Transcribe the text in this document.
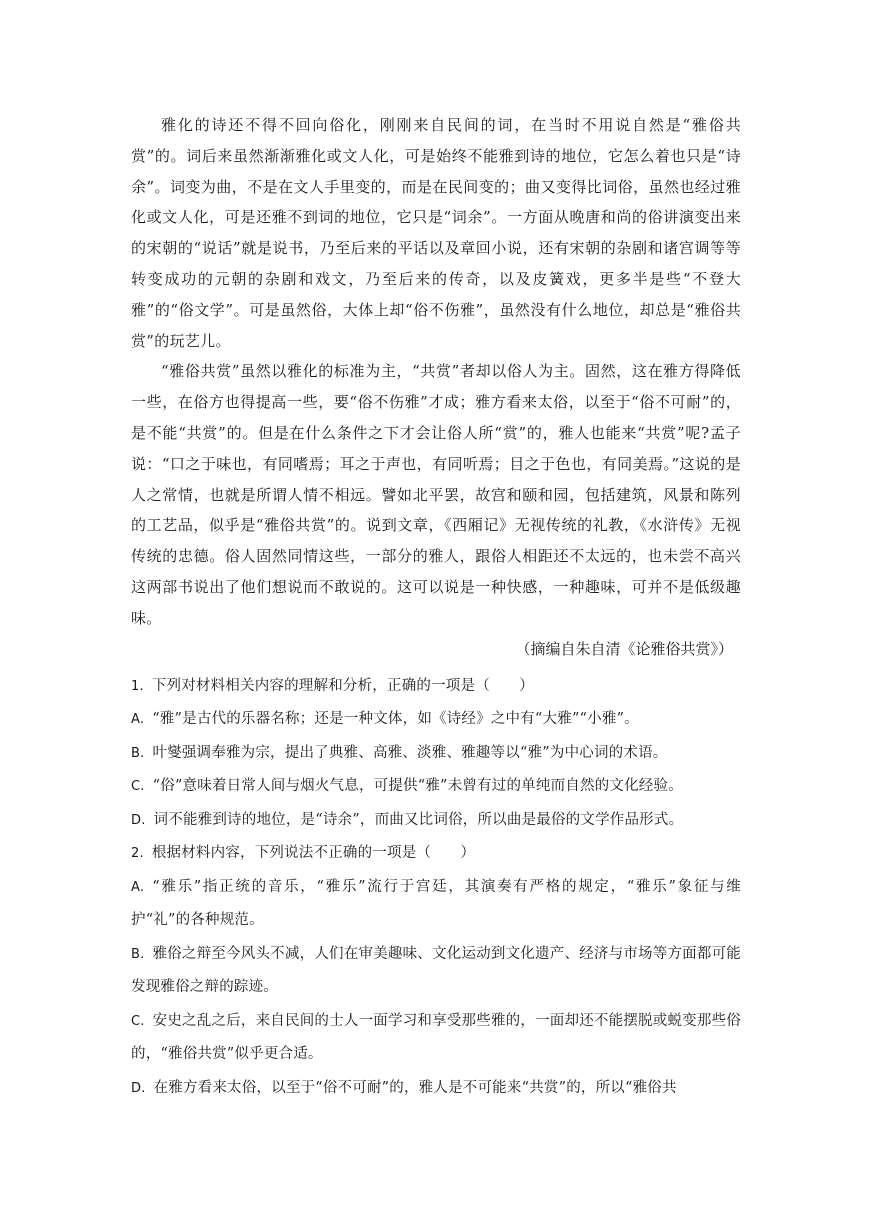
雅化的诗还不得不回向俗化，刚刚来自民间的词，在当时不用说自然是“雅俗共赏”的。词后来虽然渐渐雅化或文人化，可是始终不能雅到诗的地位，它怎么着也只是“诗余”。词变为曲，不是在文人手里变的，而是在民间变的；曲又变得比词俗，虽然也经过雅化或文人化，可是还雅不到词的地位，它只是“词余”。一方面从晚唐和尚的俗讲演变出来的宋朝的“说话”就是说书，乃至后来的平话以及章回小说，还有宋朝的杂剧和诸宫调等等转变成功的元朝的杂剧和戏文，乃至后来的传奇，以及皮簧戏，更多半是些“不登大雅”的“俗文学”。可是虽然俗，大体上却“俗不伤雅”，虽然没有什么地位，却总是“雅俗共赏”的玩艺儿。

“雅俗共赏”虽然以雅化的标准为主，“共赏”者却以俗人为主。固然，这在雅方得降低一些，在俗方也得提高一些，要“俗不伤雅”才成；雅方看来太俗，以至于“俗不可耐”的，是不能“共赏”的。但是在什么条件之下才会让俗人所“赏”的，雅人也能来“共赏”呢?孟子说：“口之于味也，有同嗜焉；耳之于声也，有同听焉；目之于色也，有同美焉。”这说的是人之常情，也就是所谓人情不相远。譬如北平罢，故宫和颐和园，包括建筑，风景和陈列的工艺品，似乎是“雅俗共赏”的。说到文章，《西厢记》无视传统的礼教，《水浒传》无视传统的忠德。俗人固然同情这些，一部分的雅人，跟俗人相距还不太远的，也未尝不高兴这两部书说出了他们想说而不敢说的。这可以说是一种快感，一种趣味，可并不是低级趣味。

（摘编自朱自清《论雅俗共赏》）

1. 下列对材料相关内容的理解和分析，正确的一项是（　　）

A. “雅”是古代的乐器名称；还是一种文体，如《诗经》之中有“大雅”“小雅”。

B. 叶燮强调奉雅为宗，提出了典雅、高雅、淡雅、雅趣等以“雅”为中心词的术语。

C. “俗”意味着日常人间与烟火气息，可提供“雅”未曾有过的单纯而自然的文化经验。

D. 词不能雅到诗的地位，是“诗余”，而曲又比词俗，所以曲是最俗的文学作品形式。

2. 根据材料内容，下列说法不正确的一项是（　　）

A. “雅乐”指正统的音乐，“雅乐”流行于宫廷，其演奏有严格的规定，“雅乐”象征与维护“礼”的各种规范。

B. 雅俗之辩至今风头不减，人们在审美趣味、文化运动到文化遗产、经济与市场等方面都可能发现雅俗之辩的踪迹。

C. 安史之乱之后，来自民间的士人一面学习和享受那些雅的，一面却还不能摆脱或蜕变那些俗的，“雅俗共赏”似乎更合适。

D. 在雅方看来太俗，以至于“俗不可耐”的，雅人是不可能来“共赏”的，所以“雅俗共
